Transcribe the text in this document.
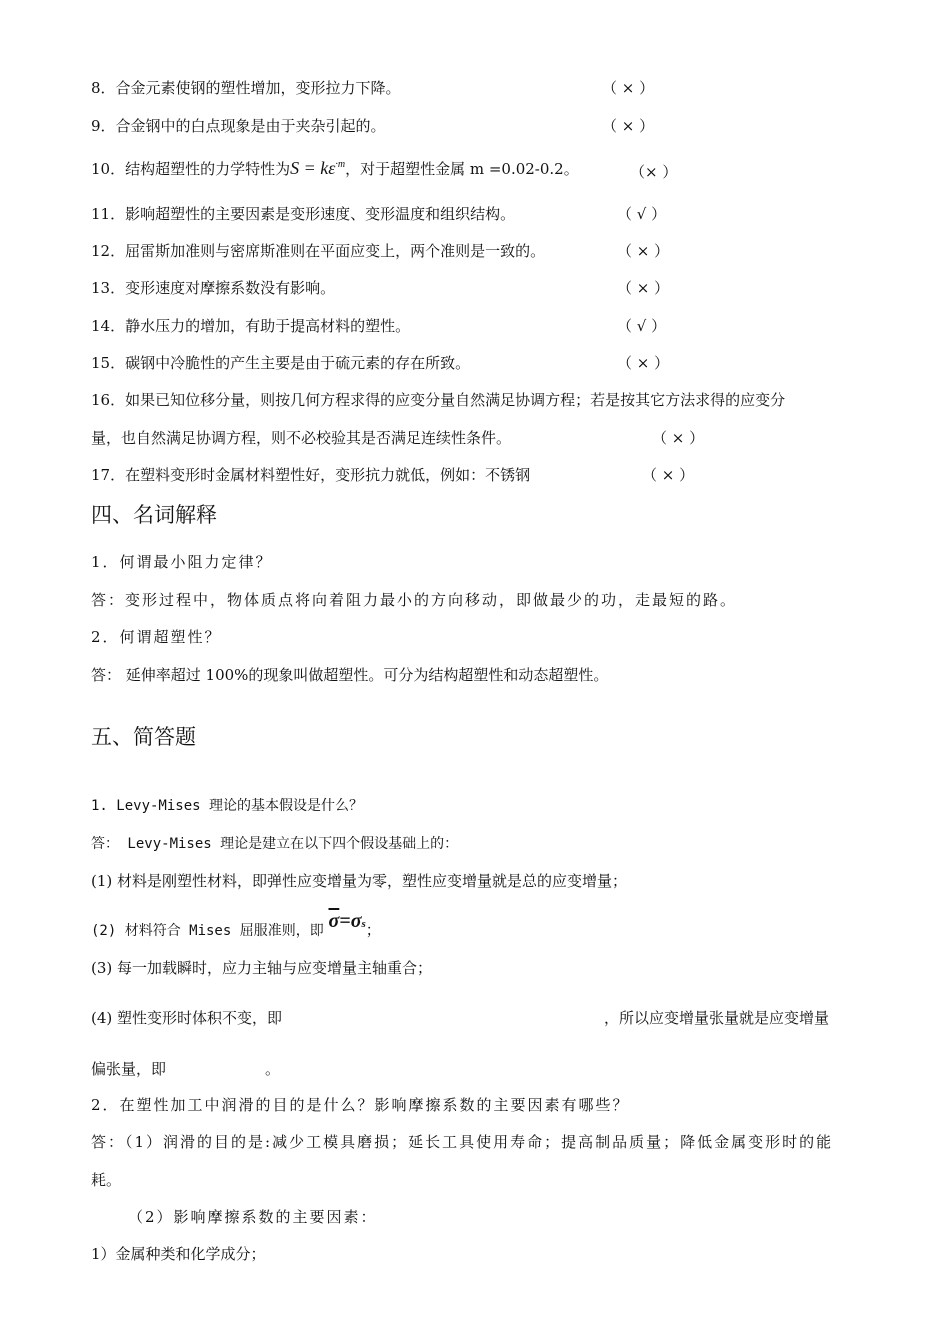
8．合金元素使钢的塑性增加，变形拉力下降。	（ × ）
9．合金钢中的白点现象是由于夹杂引起的。	（ × ）
10．结构超塑性的力学特性为$S = k\varepsilon^{\cdot m}$，对于超塑性金属 m =0.02-0.2。	（× ）
11．影响超塑性的主要因素是变形速度、变形温度和组织结构。	（ √ ）
12．屈雷斯加准则与密席斯准则在平面应变上，两个准则是一致的。	（ × ）
13．变形速度对摩擦系数没有影响。	（ × ）
14．静水压力的增加，有助于提高材料的塑性。	（ √ ）
15．碳钢中冷脆性的产生主要是由于硫元素的存在所致。	（ × ）
16．如果已知位移分量，则按几何方程求得的应变分量自然满足协调方程；若是按其它方法求得的应变分
量，也自然满足协调方程，则不必校验其是否满足连续性条件。	（ × ）
17．在塑料变形时金属材料塑性好，变形抗力就低，例如：不锈钢	（ × ）
四、名词解释
1．何谓最小阻力定律？
答：变形过程中，物体质点将向着阻力最小的方向移动，即做最少的功，走最短的路。
2．何谓超塑性？
答： 延伸率超过 100%的现象叫做超塑性。可分为结构超塑性和动态超塑性。
五、简答题
1. Levy-Mises 理论的基本假设是什么？
答： Levy-Mises 理论是建立在以下四个假设基础上的：
(1) 材料是刚塑性材料，即弹性应变增量为零，塑性应变增量就是总的应变增量；
(2) 材料符合 Mises 屈服准则，即 $\overline{\sigma}=\sigma s$；
(3) 每一加载瞬时，应力主轴与应变增量主轴重合；
(4) 塑性变形时体积不变，即	，所以应变增量张量就是应变增量
偏张量，即	。
2．在塑性加工中润滑的目的是什么？影响摩擦系数的主要因素有哪些？
答：（1）润滑的目的是:减少工模具磨损；延长工具使用寿命；提高制品质量；降低金属变形时的能
耗。
（2）影响摩擦系数的主要因素：
1）金属种类和化学成分；
